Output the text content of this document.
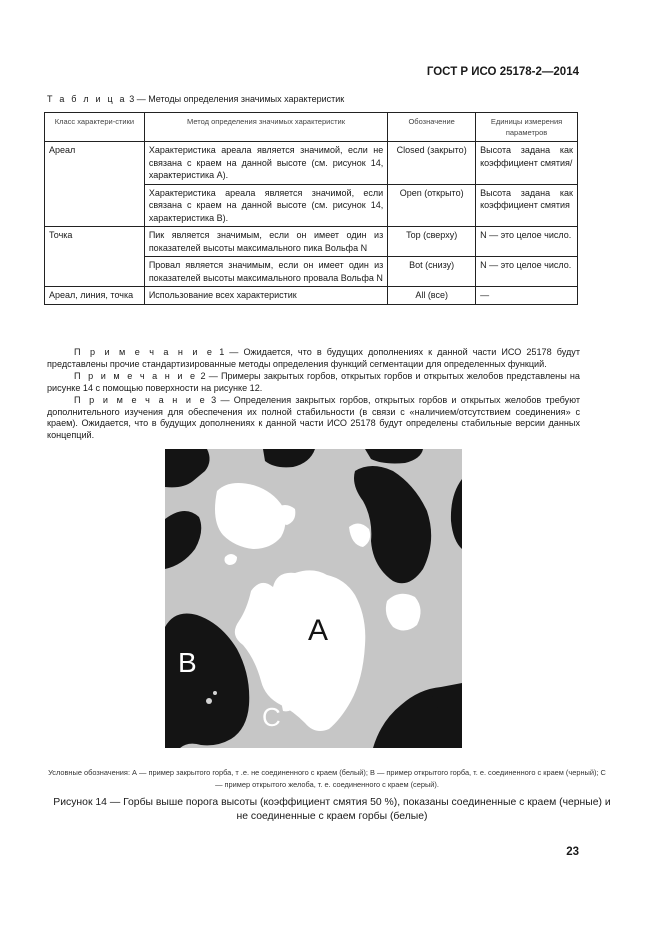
ГОСТ Р ИСО 25178-2—2014
Т а б л и ц а 3 — Методы определения значимых характеристик
Класс характери-стики	Метод определения значимых характеристик	Обозначение	Единицы измерения параметров
Ареал	Характеристика ареала является значимой, если не связана с краем на данной высоте (см. рисунок 14, характеристика А).	Closed (закрыто)	Высота задана как коэффициент смятия/
	Характеристика ареала является значимой, если связана с краем на данной высоте (см. рисунок 14, характеристика В).	Open (открыто)	Высота задана как коэффициент смятия
Точка	Пик является значимым, если он имеет один из показателей высоты максимального пика Вольфа N	Top (сверху)	N — это целое число.
	Провал является значимым, если он имеет один из показателей высоты максимального провала Вольфа N	Bot (снизу)	N — это целое число.
Ареал, линия, точка	Использование всех характеристик	All (все)	—

П р и м е ч а н и е 1 — Ожидается, что в будущих дополнениях к данной части ИСО 25178 будут представлены прочие стандартизированные методы определения функций сегментации для определенных функций.

П р и м е ч а н и е 2 — Примеры закрытых горбов, открытых горбов и открытых желобов представлены на рисунке 14 с помощью поверхности на рисунке 12.

П р и м е ч а н и е 3 — Определения закрытых горбов, открытых горбов и открытых желобов требуют дополнительного изучения для обеспечения их полной стабильности (в связи с «наличием/отсутствием соединения» с краем). Ожидается, что в будущих дополнениях к данной части ИСО 25178 будут определены стабильные версии данных концепций.

A
B
C
Условные обозначения: А — пример закрытого горба, т .е. не соединенного с краем (белый); В — пример открытого горба, т. е. соединенного с краем (черный); С — пример открытого желоба, т. е. соединенного с краем (серый).
Рисунок 14 — Горбы выше порога высоты (коэффициент смятия 50 %), показаны соединенные с краем (черные) и не соединенные с краем горбы (белые)
23
